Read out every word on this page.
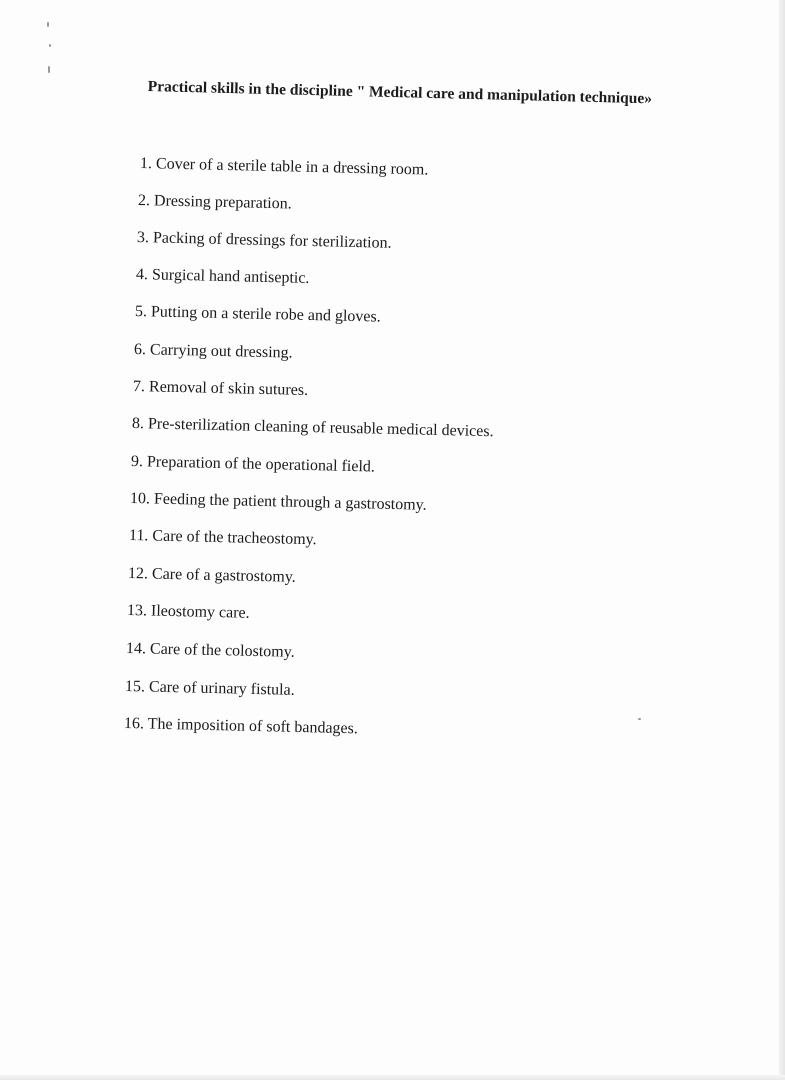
Practical skills in the discipline " Medical care and manipulation technique»
1. Cover of a sterile table in a dressing room.
2. Dressing preparation.
3. Packing of dressings for sterilization.
4. Surgical hand antiseptic.
5. Putting on a sterile robe and gloves.
6. Carrying out dressing.
7. Removal of skin sutures.
8. Pre-sterilization cleaning of reusable medical devices.
9. Preparation of the operational field.
10. Feeding the patient through a gastrostomy.
11. Care of the tracheostomy.
12. Care of a gastrostomy.
13. Ileostomy care.
14. Care of the colostomy.
15. Care of urinary fistula.
16. The imposition of soft bandages.
